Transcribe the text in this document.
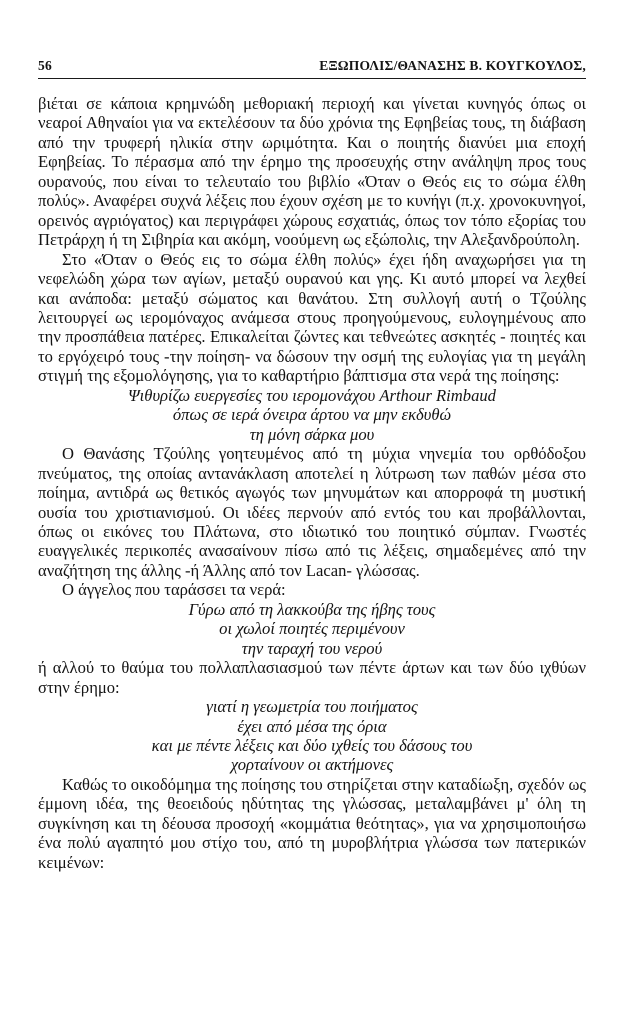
56	ΕΞΩΠΟΛΙΣ/ΘΑΝΑΣΗΣ Β. ΚΟΥΓΚΟΥΛΟΣ,

βιέται σε κάποια κρημνώδη μεθοριακή περιοχή και γίνεται κυνηγός όπως οι νεαροί Αθηναίοι για να εκτελέσουν τα δύο χρόνια της Εφηβείας τους, τη διάβαση από την τρυφερή ηλικία στην ωριμότητα. Και ο ποιητής διανύει μια εποχή Εφηβείας. Το πέρασμα από την έρημο της προσευχής στην ανάληψη προς τους ουρανούς, που είναι το τελευταίο του βιβλίο «Όταν ο Θεός εις το σώμα έλθη πολύς». Αναφέρει συχνά λέξεις που έχουν σχέση με το κυνήγι (π.χ. χρονοκυνηγοί, ορεινός αγριόγατος) και περιγράφει χώρους εσχατιάς, όπως τον τόπο εξορίας του Πετράρχη ή τη Σιβηρία και ακόμη, νοούμενη ως εξώπολις, την Αλεξανδρούπολη.

Στο «Όταν ο Θεός εις το σώμα έλθη πολύς» έχει ήδη αναχωρήσει για τη νεφελώδη χώρα των αγίων, μεταξύ ουρανού και γης. Κι αυτό μπορεί να λεχθεί και ανάποδα: μεταξύ σώματος και θανάτου. Στη συλλογή αυτή ο Τζούλης λειτουργεί ως ιερομόναχος ανάμεσα στους προηγούμενους, ευλογημένους απο την προσπάθεια πατέρες. Επικαλείται ζώντες και τεθνεώτες ασκητές - ποιητές και το εργόχειρό τους -την ποίηση- να δώσουν την οσμή της ευλογίας για τη μεγάλη στιγμή της εξομολόγησης, για το καθαρτήριο βάπτισμα στα νερά της ποίησης:

Ψιθυρίζω ευεργεσίες του ιερομονάχου Arthour Rimbaud
όπως σε ιερά όνειρα άρτου να μην εκδυθώ
τη μόνη σάρκα μου

Ο Θανάσης Τζούλης γοητευμένος από τη μύχια νηνεμία του ορθόδοξου πνεύματος, της οποίας αντανάκλαση αποτελεί η λύτρωση των παθών μέσα στο ποίημα, αντιδρά ως θετικός αγωγός των μηνυμάτων και απορροφά τη μυστική ουσία του χριστιανισμού. Οι ιδέες περνούν από εντός του και προβάλλονται, όπως οι εικόνες του Πλάτωνα, στο ιδιωτικό του ποιητικό σύμπαν. Γνωστές ευαγγελικές περικοπές ανασαίνουν πίσω από τις λέξεις, σημαδεμένες από την αναζήτηση της άλλης -ή Άλλης από τον Lacan- γλώσσας.

Ο άγγελος που ταράσσει τα νερά:

Γύρω από τη λακκούβα της ήβης τους
οι χωλοί ποιητές περιμένουν
την ταραχή του νερού

ή αλλού το θαύμα του πολλαπλασιασμού των πέντε άρτων και των δύο ιχθύων στην έρημο:

γιατί η γεωμετρία του ποιήματος
έχει από μέσα της όρια
και με πέντε λέξεις και δύο ιχθείς του δάσους του
χορταίνουν οι ακτήμονες

Καθώς το οικοδόμημα της ποίησης του στηρίζεται στην καταδίωξη, σχεδόν ως έμμονη ιδέα, της θεοειδούς ηδύτητας της γλώσσας, μεταλαμβάνει μ' όλη τη συγκίνηση και τη δέουσα προσοχή «κομμάτια θεότητας», για να χρησιμοποιήσω ένα πολύ αγαπητό μου στίχο του, από τη μυροβλήτρια γλώσσα των πατερικών κειμένων:
